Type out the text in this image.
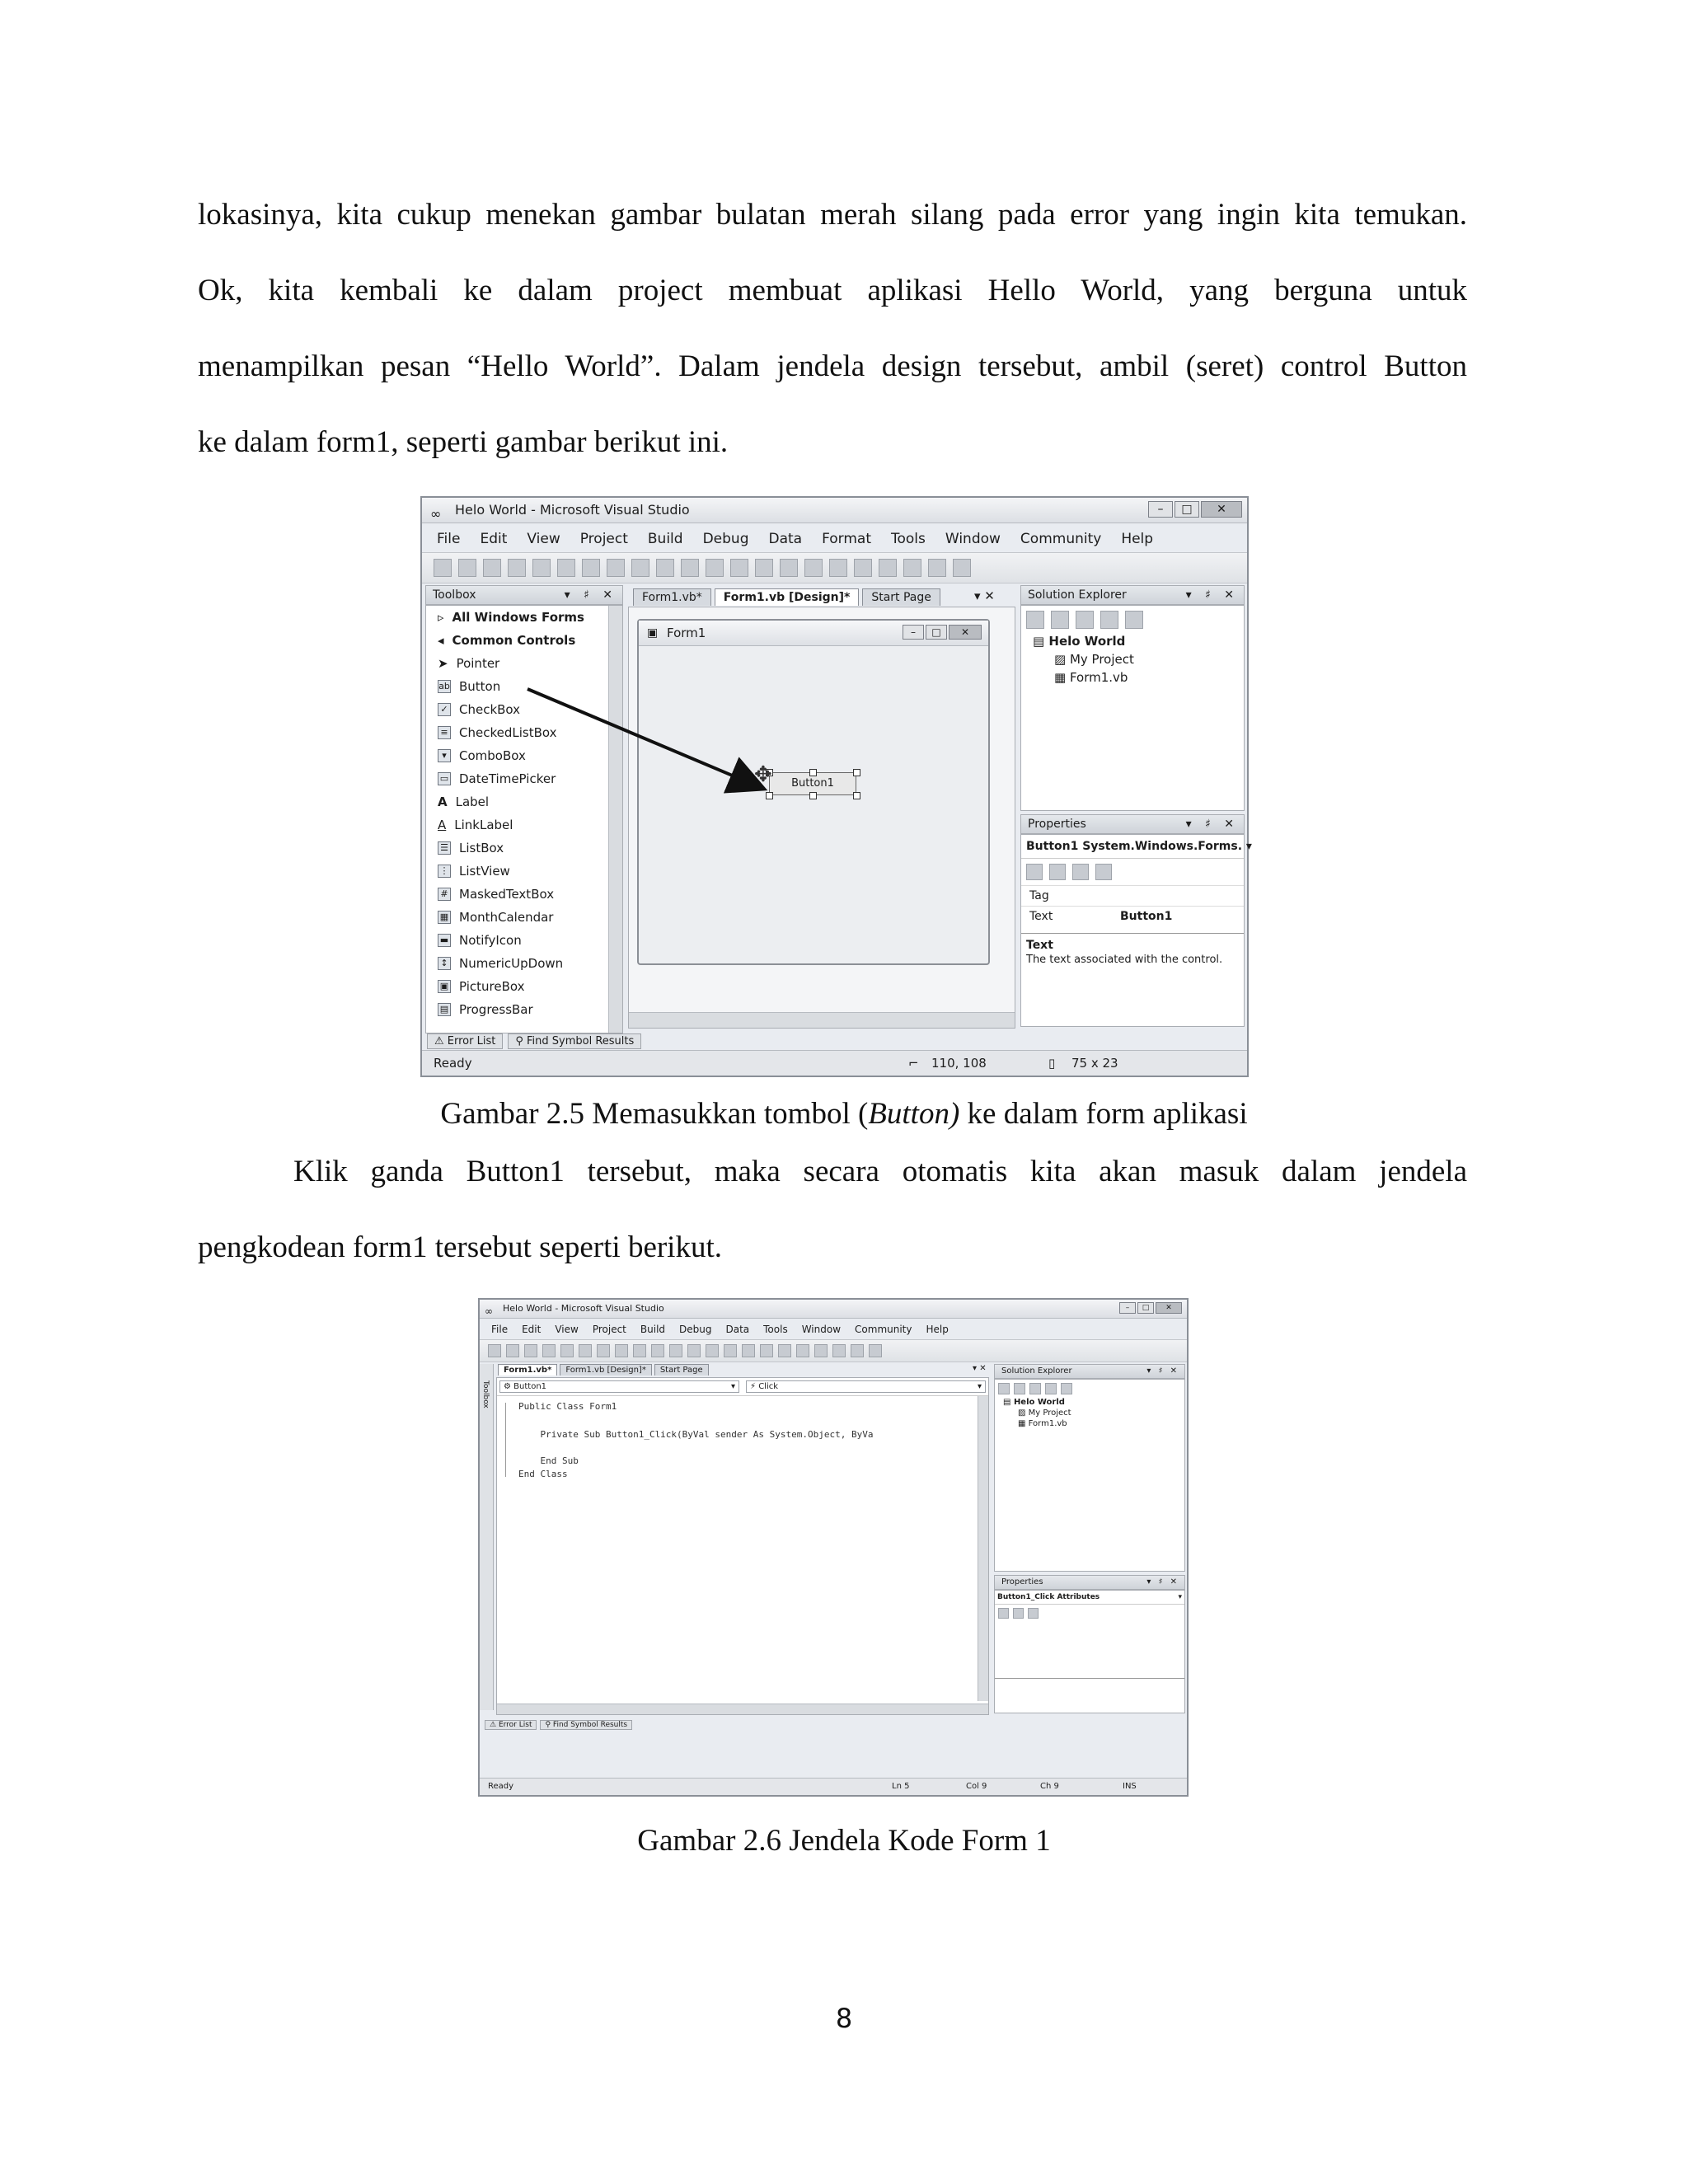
lokasinya, kita cukup menekan gambar bulatan merah silang pada error yang ingin kita temukan.
Ok, kita kembali ke dalam project membuat aplikasi Hello World, yang berguna untuk
menampilkan pesan “Hello World”. Dalam jendela design tersebut, ambil (seret) control Button
ke dalam form1, seperti gambar berikut ini.
∞ Helo World - Microsoft Visual Studio	–	□	✕
File Edit View Project Build Debug Data Format Tools Window Community Help
Toolbox	▾ ♯ ✕
▹ All Windows Forms
◂ Common Controls
➤ Pointer
ab Button
✓ CheckBox
≡ CheckedListBox
▾	ComboBox
▭ DateTimePicker
A Label
A LinkLabel
☰ ListBox
⋮ ListView
# MaskedTextBox
▦ MonthCalendar
▬ NotifyIcon
↕ NumericUpDown
▣ PictureBox
▤ ProgressBar
Form1.vb*	Form1.vb [Design]*	Start Page	▾ ✕
▣ Form1	–	□	✕
Button1
✥
Solution Explorer	▾ ♯ ✕
▤ Helo World
▨ My Project
▦ Form1.vb
Properties	▾ ♯ ✕
Button1 System.Windows.Forms. ▾
Tag
Text	Button1
Text
The text associated with the control.
⚠ Error List	⚲ Find Symbol Results
Ready	⌐ 110, 108	▯ 75 x 23
Gambar 2.5 Memasukkan tombol (Button) ke dalam form aplikasi
Klik ganda Button1 tersebut, maka secara otomatis kita akan masuk dalam jendela
pengkodean form1 tersebut seperti berikut.
∞ Helo World - Microsoft Visual Studio	–	□	✕
File Edit View Project Build Debug Data Tools Window Community Help
Toolbox
Form1.vb*	Form1.vb [Design]*	Start Page	▾ ✕
⚙ Button1	▾	⚡ Click	▾
Public Class Form1
Private Sub Button1_Click(ByVal sender As System.Object, ByVa
End Sub
End Class
Solution Explorer	▾ ♯ ✕
▤ Helo World
▨ My Project
▦ Form1.vb
Properties	▾ ♯ ✕
Button1_Click Attributes	▾
⚠ Error List	⚲ Find Symbol Results
Ready	Ln 5	Col 9	Ch 9	INS
Gambar 2.6 Jendela Kode Form 1
8
